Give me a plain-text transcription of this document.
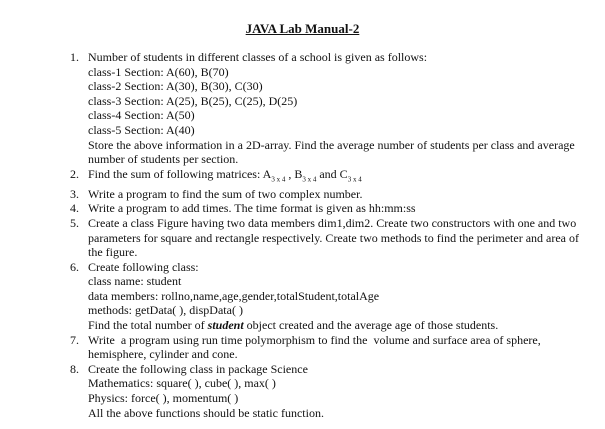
JAVA Lab Manual-2
1. Number of students in different classes of a school is given as follows:
class-1 Section: A(60), B(70)
class-2 Section: A(30), B(30), C(30)
class-3 Section: A(25), B(25), C(25), D(25)
class-4 Section: A(50)
class-5 Section: A(40)
Store the above information in a 2D-array. Find the average number of students per class and average number of students per section.
2. Find the sum of following matrices: $A_{3 x 4}$ , $B_{3 x 4}$ and $C_{3 x 4}$
3. Write a program to find the sum of two complex number.
4. Write a program to add times. The time format is given as hh:mm:ss
5. Create a class Figure having two data members dim1,dim2. Create two constructors with one and two parameters for square and rectangle respectively. Create two methods to find the perimeter and area of the figure.
6. Create following class:
class name: student
data members: rollno,name,age,gender,totalStudent,totalAge
methods: getData( ), dispData( )
Find the total number of student object created and the average age of those students.
7. Write  a program using run time polymorphism to find the  volume and surface area of sphere, hemisphere, cylinder and cone.
8. Create the following class in package Science
Mathematics: square( ), cube( ), max( )
Physics: force( ), momentum( )
All the above functions should be static function.
